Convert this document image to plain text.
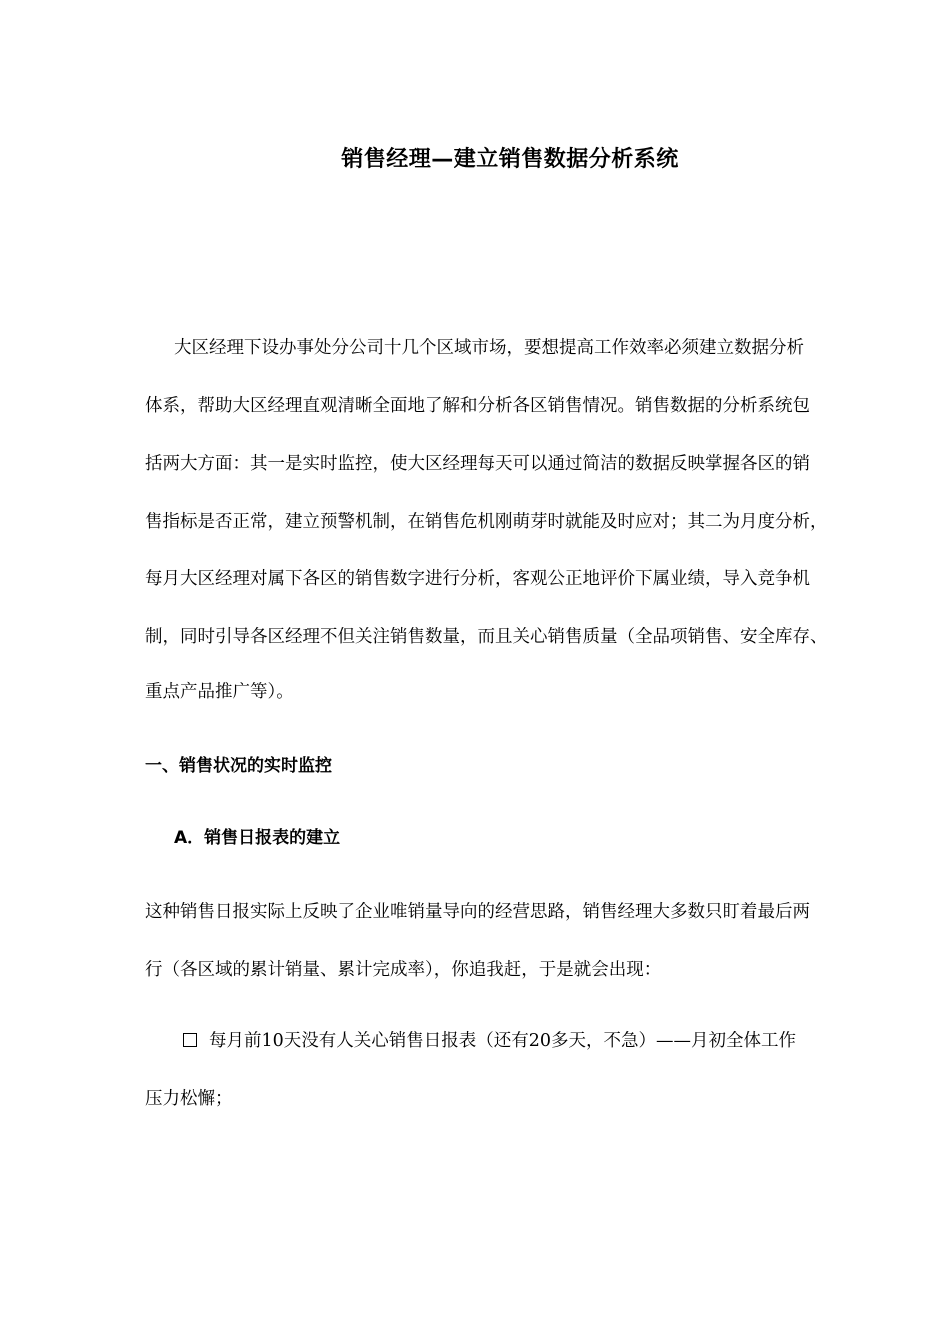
销售经理—建立销售数据分析系统
大区经理下设办事处分公司十几个区域市场，要想提高工作效率必须建立数据分析
体系，帮助大区经理直观清晰全面地了解和分析各区销售情况。销售数据的分析系统包
括两大方面：其一是实时监控，使大区经理每天可以通过简洁的数据反映掌握各区的销
售指标是否正常，建立预警机制，在销售危机刚萌芽时就能及时应对；其二为月度分析，
每月大区经理对属下各区的销售数字进行分析，客观公正地评价下属业绩，导入竞争机
制，同时引导各区经理不但关注销售数量，而且关心销售质量（全品项销售、安全库存、
重点产品推广等）。
一、销售状况的实时监控
A．销售日报表的建立
这种销售日报实际上反映了企业唯销量导向的经营思路，销售经理大多数只盯着最后两
行（各区域的累计销量、累计完成率），你追我赶，于是就会出现：
每月前10天没有人关心销售日报表（还有20多天，不急）——月初全体工作
压力松懈；
